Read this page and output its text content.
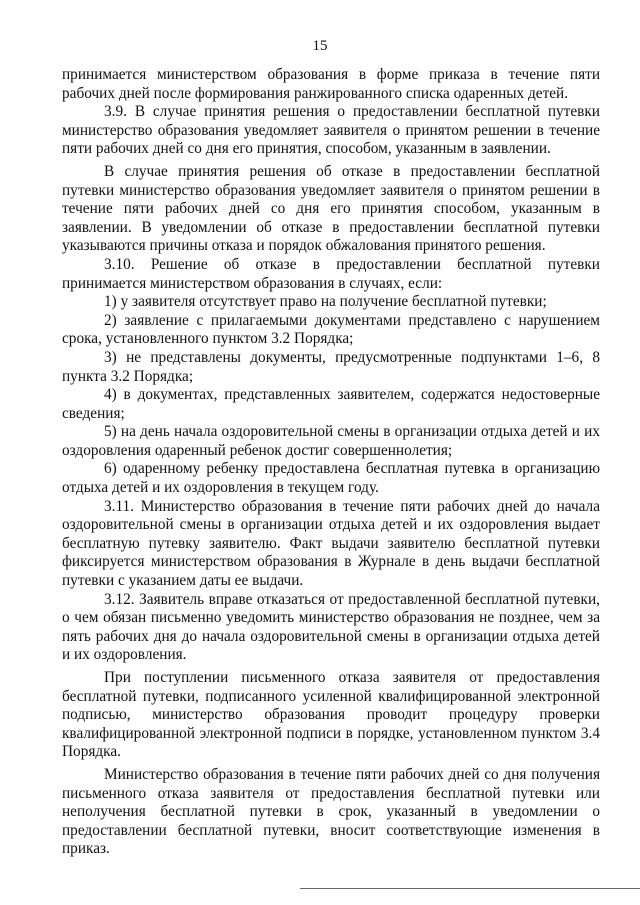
15

принимается министерством образования в форме приказа в течение пяти рабочих дней после формирования ранжированного списка одаренных детей.

3.9. В случае принятия решения о предоставлении бесплатной путевки министерство образования уведомляет заявителя о принятом решении в течение пяти рабочих дней со дня его принятия, способом, указанным в заявлении.

В случае принятия решения об отказе в предоставлении бесплатной путевки министерство образования уведомляет заявителя о принятом решении в течение пяти рабочих дней со дня его принятия способом, указанным в заявлении. В уведомлении об отказе в предоставлении бесплатной путевки указываются причины отказа и порядок обжалования принятого решения.

3.10. Решение об отказе в предоставлении бесплатной путевки принимается министерством образования в случаях, если:

1) у заявителя отсутствует право на получение бесплатной путевки;

2) заявление с прилагаемыми документами представлено с нарушением срока, установленного пунктом 3.2 Порядка;

3) не представлены документы, предусмотренные подпунктами 1–6, 8 пункта 3.2 Порядка;

4) в документах, представленных заявителем, содержатся недостоверные сведения;

5) на день начала оздоровительной смены в организации отдыха детей и их оздоровления одаренный ребенок достиг совершеннолетия;

6) одаренному ребенку предоставлена бесплатная путевка в организацию отдыха детей и их оздоровления в текущем году.

3.11. Министерство образования в течение пяти рабочих дней до начала оздоровительной смены в организации отдыха детей и их оздоровления выдает бесплатную путевку заявителю. Факт выдачи заявителю бесплатной путевки фиксируется министерством образования в Журнале в день выдачи бесплатной путевки с указанием даты ее выдачи.

3.12. Заявитель вправе отказаться от предоставленной бесплатной путевки, о чем обязан письменно уведомить министерство образования не позднее, чем за пять рабочих дня до начала оздоровительной смены в организации отдыха детей и их оздоровления.

При поступлении письменного отказа заявителя от предоставления бесплатной путевки, подписанного усиленной квалифицированной электронной подписью, министерство образования проводит процедуру проверки квалифицированной электронной подписи в порядке, установленном пунктом 3.4 Порядка.

Министерство образования в течение пяти рабочих дней со дня получения письменного отказа заявителя от предоставления бесплатной путевки или неполучения бесплатной путевки в срок, указанный в уведомлении о предоставлении бесплатной путевки, вносит соответствующие изменения в приказ.
